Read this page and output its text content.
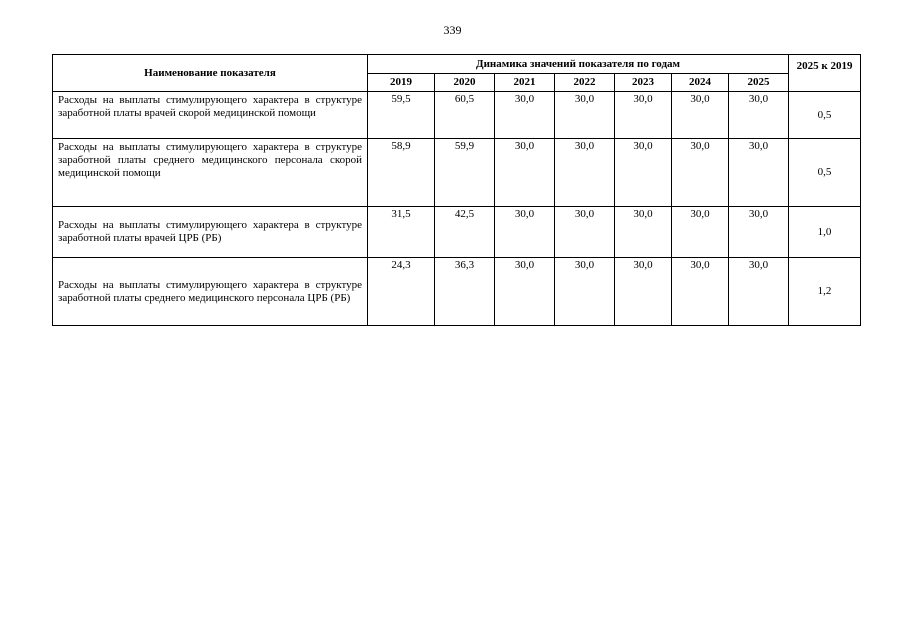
339
Наименование показателя	Динамика значений показателя по годам							2025 к 2019
	2019	2020	2021	2022	2023	2024	2025	
Расходы на выплаты стимулирующего характера в структуре заработной платы врачей скорой медицинской помощи	59,5	60,5	30,0	30,0	30,0	30,0	30,0	0,5
Расходы на выплаты стимулирующего характера в структуре заработной платы среднего медицинского персонала скорой медицинской помощи	58,9	59,9	30,0	30,0	30,0	30,0	30,0	0,5
Расходы на выплаты стимулирующего характера в структуре заработной платы врачей ЦРБ (РБ)	31,5	42,5	30,0	30,0	30,0	30,0	30,0	1,0
Расходы на выплаты стимулирующего характера в структуре заработной платы среднего медицинского персонала ЦРБ (РБ)	24,3	36,3	30,0	30,0	30,0	30,0	30,0	1,2
